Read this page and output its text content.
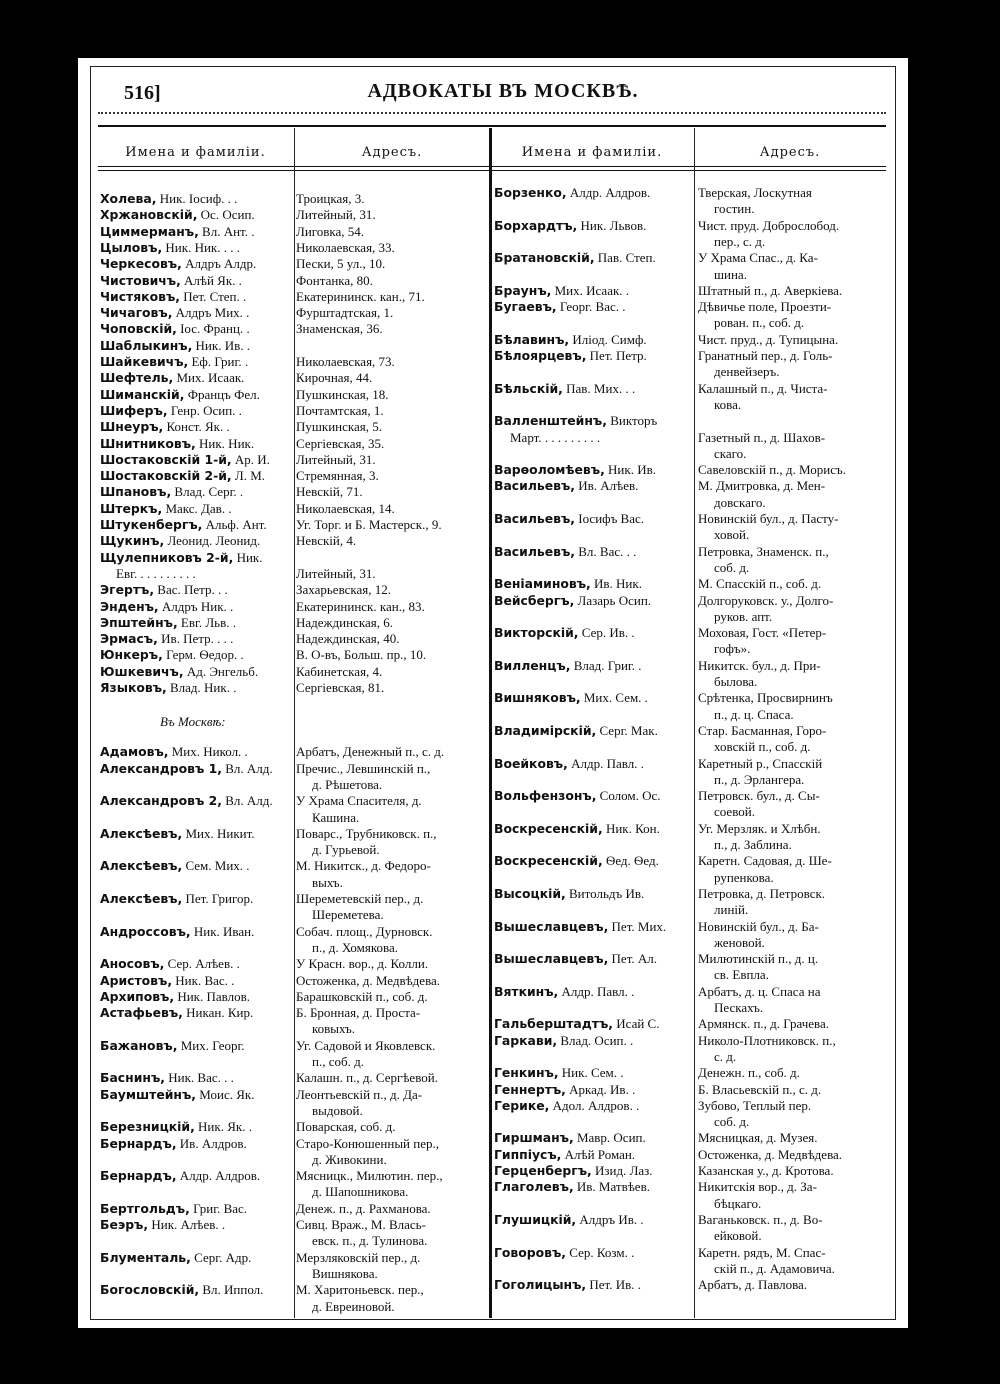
516]	АДВОКАТЫ ВЪ МОСКВѢ.
Имена и фамиліи.	Адресъ.	Имена и фамиліи.	Адресъ.
Холева, Ник. Іосиф. . .	Троицкая, 3.
Хржановскій, Ос. Осип.	Литейный, 31.
Циммерманъ, Вл. Ант. .	Лиговка, 54.
Цыловъ, Ник. Ник. . . .	Николаевская, 33.
Черкесовъ, Алдръ Алдр.	Пески, 5 ул., 10.
Чистовичъ, Алѣй Як. .	Фонтанка, 80.
Чистяковъ, Пет. Степ. .	Екатерининск. кан., 71.
Чичаговъ, Алдръ Мих. .	Фурштадтская, 1.
Чоповскій, Іос. Франц. .	Знаменская, 36.
Шаблыкинъ, Ник. Ив. .
Шайкевичъ, Еф. Григ. .	Николаевская, 73.
Шефтель, Мих. Исаак.	Кирочная, 44.
Шиманскій, Францъ Фел.	Пушкинская, 18.
Шиферъ, Генр. Осип. .	Почтамтская, 1.
Шнеуръ, Конст. Як. .	Пушкинская, 5.
Шнитниковъ, Ник. Ник.	Сергіевская, 35.
Шостаковскій 1-й, Ар. И. Литейный, 31.
Шостаковскій 2-й, Л. М. Стремянная, 3.
Шпановъ, Влад. Серг. .	Невскій, 71.
Штеркъ, Макс. Дав. .	Николаевская, 14.
Штукенбергъ, Альф. Ант. Уг. Торг. и Б. Мастерск., 9.
Щукинъ, Леонид. Леонид.	Невскій, 4.
Щулепниковъ 2-й, Ник.
Евг. . . . . . . . . .	Литейный, 31.
Эгертъ, Вас. Петр. . .	Захарьевская, 12.
Энденъ, Алдръ Ник. .	Екатерининск. кан., 83.
Эпштейнъ, Евг. Льв. .	Надеждинская, 6.
Эрмасъ, Ив. Петр. . . .	Надеждинская, 40.
Юнкеръ, Герм. Ѳедор. .	В. О-въ, Больш. пр., 10.
Юшкевичъ, Ад. Энгельб.	Кабинетская, 4.
Языковъ, Влад. Ник. .	Сергіевская, 81.
Въ Москвѣ:
Адамовъ, Мих. Никол. .	Арбатъ, Денежный п., с. д.
Александровъ 1, Вл. Алд. Пречис., Левшинскій п.,
д. Рѣшетова.
Александровъ 2, Вл. Алд. У Храма Спасителя, д.
Кашина.
Алексѣевъ, Мих. Никит.	Поварс., Трубниковск. п.,
д. Гурьевой.
Алексѣевъ, Сем. Мих. .	М. Никитск., д. Федоро-
выхъ.
Алексѣевъ, Пет. Григор.	Шереметевскій пер., д.
Шереметева.
Андроссовъ, Ник. Иван.	Собач. площ., Дурновск.
п., д. Хомякова.
Аносовъ, Сер. Алѣев. .	У Красн. вор., д. Колли.
Аристовъ, Ник. Вас. .	Остоженка, д. Медвѣдева.
Архиповъ, Ник. Павлов.	Барашковскій п., соб. д.
Астафьевъ, Никан. Кир.	Б. Бронная, д. Проста-
ковыхъ.
Бажановъ, Мих. Георг.	Уг. Садовой и Яковлевск.
п., соб. д.
Баснинъ, Ник. Вас. . .	Калашн. п., д. Сергѣевой.
Баумштейнъ, Моис. Як.	Леонтьевскій п., д. Да-
выдовой.
Березницкій, Ник. Як. .	Поварская, соб. д.
Бернардъ, Ив. Алдров.	Старо-Конюшенный пер.,
д. Живокини.
Бернардъ, Алдр. Алдров.	Мясницк., Милютин. пер.,
д. Шапошникова.
Бертгольдъ, Григ. Вас.	Денеж. п., д. Рахманова.
Беэръ, Ник. Алѣев. .	Сивц. Враж., М. Влась-
евск. п., д. Тулинова.
Блументаль, Серг. Адр.	Мерзляковскій пер., д.
Вишнякова.
Богословскій, Вл. Иппол.	М. Харитоньевск. пер.,
д. Евреиновой.
Борзенко, Алдр. Алдров.	Тверская, Лоскутная
гостин.
Борхардтъ, Ник. Львов.	Чист. пруд. Доброслобод.
пер., с. д.
Братановскій, Пав. Степ.	У Храма Спас., д. Ка-
шина.
Браунъ, Мих. Исаак. .	Штатный п., д. Аверкіева.
Бугаевъ, Георг. Вас. .	Дѣвичье поле, Проезти-
рован. п., соб. д.
Бѣлавинъ, Иліод. Симф.	Чист. пруд., д. Тупицына.
Бѣлоярцевъ, Пет. Петр.	Гранатный пер., д. Голь-
денвейзеръ.
Бѣльскій, Пав. Мих. . .	Калашный п., д. Чиста-
кова.
Валленштейнъ, Викторъ
Март. . . . . . . . . .	Газетный п., д. Шахов-
скаго.
Варѳоломѣевъ, Ник. Ив.	Савеловскій п., д. Морисъ.
Васильевъ, Ив. Алѣев.	М. Дмитровка, д. Мен-
довскаго.
Васильевъ, Іосифъ Вас.	Новинскій бул., д. Пасту-
ховой.
Васильевъ, Вл. Вас. . .	Петровка, Знаменск. п.,
соб. д.
Веніаминовъ, Ив. Ник.	М. Спасскій п., соб. д.
Вейсбергъ, Лазарь Осип.	Долгоруковск. у., Долго-
руков. апт.
Викторскій, Сер. Ив. .	Моховая, Гост. «Петер-
гофъ».
Вилленцъ, Влад. Григ. .	Никитск. бул., д. При-
былова.
Вишняковъ, Мих. Сем. .	Срѣтенка, Просвирнинъ
п., д. ц. Спаса.
Владимірскій, Серг. Мак.	Стар. Басманная, Горо-
ховскій п., соб. д.
Воейковъ, Алдр. Павл. .	Каретный р., Спасскій
п., д. Эрлангера.
Вольфензонъ, Солом. Ос.	Петровск. бул., д. Сы-
соевой.
Воскресенскій, Ник. Кон.	Уг. Мерзляк. и Хлѣбн.
п., д. Заблина.
Воскресенскій, Ѳед. Ѳед.	Каретн. Садовая, д. Ше-
рупенкова.
Высоцкій, Витольдъ Ив.	Петровка, д. Петровск.
линій.
Вышеславцевъ, Пет. Мих. Новинскій бул., д. Ба-
женовой.
Вышеславцевъ, Пет. Ал.	Милютинскій п., д. ц.
св. Евпла.
Вяткинъ, Алдр. Павл. .	Арбатъ, д. ц. Спаса на
Пескахъ.
Гальберштадтъ, Исай С.	Армянск. п., д. Грачева.
Гаркави, Влад. Осип. .	Николо-Плотниковск. п.,
с. д.
Генкинъ, Ник. Сем. .	Денежн. п., соб. д.
Геннертъ, Аркад. Ив. .	Б. Власьевскій п., с. д.
Герике, Адол. Алдров. .	Зубово, Теплый пер.
соб. д.
Гиршманъ, Мавр. Осип.	Мясницкая, д. Музея.
Гиппіусъ, Алѣй Роман.	Остоженка, д. Медвѣдева.
Герценбергъ, Изид. Лаз.	Казанская у., д. Кротова.
Глаголевъ, Ив. Матвѣев.	Никитскія вор., д. За-
бѣцкаго.
Глушицкій, Алдръ Ив. .	Ваганьковск. п., д. Во-
ейковой.
Говоровъ, Сер. Козм. .	Каретн. рядъ, М. Спас-
скій п., д. Адамовича.
Гоголицынъ, Пет. Ив. .	Арбатъ, д. Павлова.
